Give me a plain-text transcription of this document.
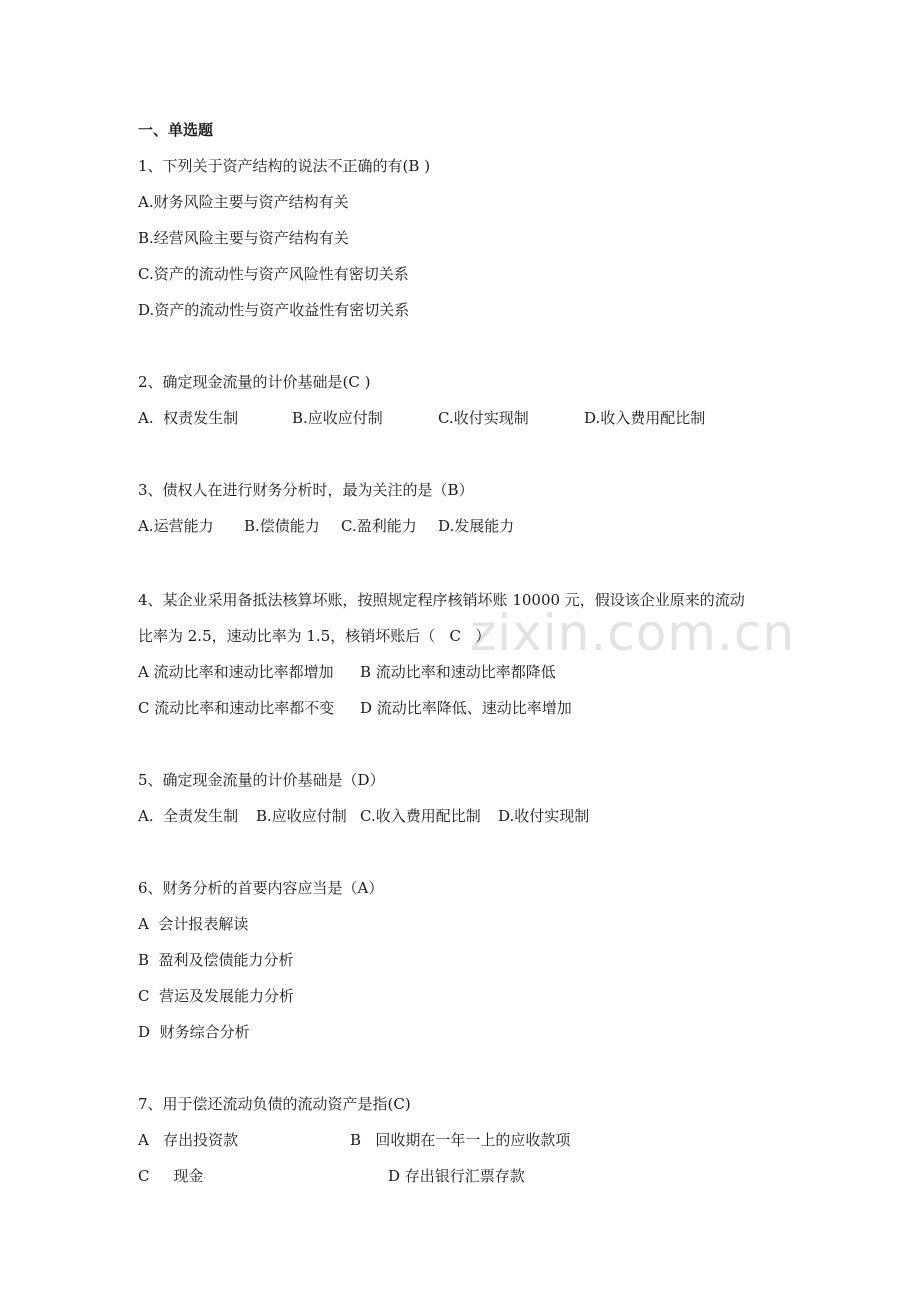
zixin.com.cn
一、单选题
1、下列关于资产结构的说法不正确的有(B )
A.财务风险主要与资产结构有关
B.经营风险主要与资产结构有关
C.资产的流动性与资产风险性有密切关系
D.资产的流动性与资产收益性有密切关系
2、确定现金流量的计价基础是(C )
A.  权责发生制	B.应收应付制	C.收付实现制	D.收入费用配比制
3、债权人在进行财务分析时，最为关注的是（B）
A.运营能力 B.偿债能力 C.盈利能力 D.发展能力
4、某企业采用备抵法核算坏账，按照规定程序核销坏账 10000 元，假设该企业原来的流动
比率为 2.5，速动比率为 1.5，核销坏账后（   C   ）
A 流动比率和速动比率都增加 B 流动比率和速动比率都降低
C 流动比率和速动比率都不变 D 流动比率降低、速动比率增加
5、确定现金流量的计价基础是（D）
A.  全责发生制 B.应收应付制 C.收入费用配比制 D.收付实现制
6、财务分析的首要内容应当是（A）
A  会计报表解读
B  盈利及偿债能力分析
C  营运及发展能力分析
D  财务综合分析
7、用于偿还流动负债的流动资产是指(C)
A   存出投资款	B   回收期在一年一上的应收款项
C     现金	D 存出银行汇票存款
